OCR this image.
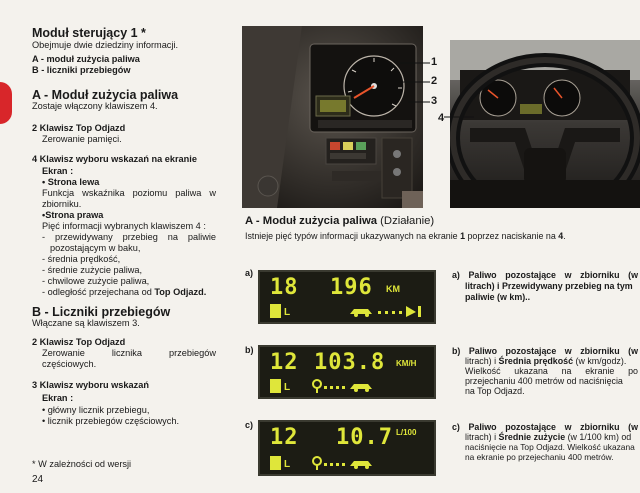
Moduł sterujący 1 *
Obejmuje dwie dziedziny informacji.
A - moduł zużycia paliwa
B - liczniki przebiegów
A - Moduł zużycia paliwa
Zostaje włączony klawiszem 4.
2 Klawisz Top Odjazd
Zerowanie pamięci.
4 Klawisz wyboru wskazań na ekranie
Ekran :
• Strona lewa
Funkcja wskaźnika poziomu paliwa w
zbiorniku.
•Strona prawa
Pięć informacji wybranych klawiszem 4 :
- przewidywany przebieg na paliwie
pozostającym w baku,
- średnia prędkość,
- średnie zużycie paliwa,
- chwilowe zużycie paliwa,
- odległość przejechana od Top Odjazd.
B - Liczniki przebiegów
Włączane są klawiszem 3.
2 Klawisz Top Odjazd
Zerowanie licznika przebiegów
częściowych.
3 Klawisz wyboru wskazań
Ekran :
• główny licznik przebiegu,
• licznik przebiegów częściowych.
* W zależności od wersji
24
1
2
3
4
A - Moduł zużycia paliwa (Działanie)
Istnieje pięć typów informacji ukazywanych na ekranie 1 poprzez naciskanie na 4.
a)
18 196 KM
L
a) Paliwo pozostające w zbiorniku (w
litrach) i Przewidywany przebieg na tym
paliwie (w km)..
b) 12 103.8 KM/H
L
b) Paliwo pozostające w zbiorniku (w
litrach) i Średnia prędkość (w km/godz).
Wielkość ukazana na ekranie po
przejechaniu 400 metrów od naciśnięcia
na Top Odjazd.
c) 12 10.7 L/100
L
c) Paliwo pozostające w zbiorniku (w
litrach) i Średnie zużycie (w 1/100 km) od
naciśnięcie na Top Odjazd. Wielkość ukazana
na ekranie po przejechaniu 400 metrów.
